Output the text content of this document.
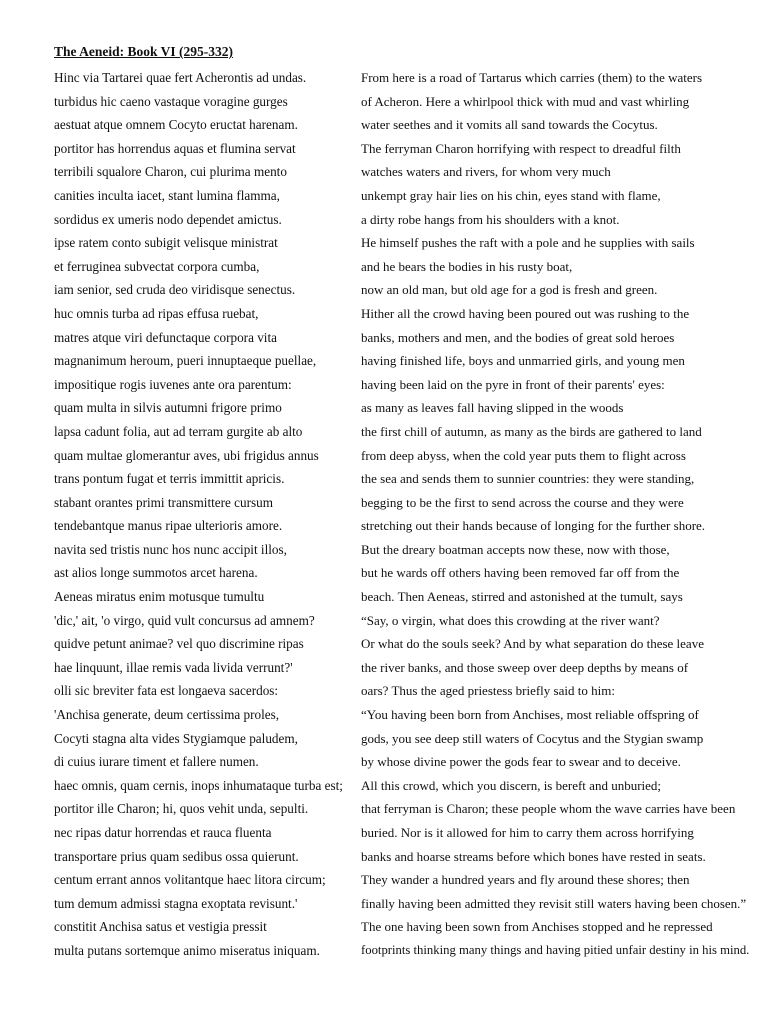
The Aeneid: Book VI (295-332)
Hinc via Tartarei quae fert Acherontis ad undas.
turbidus hic caeno vastaque voragine gurges
aestuat atque omnem Cocyto eructat harenam.
portitor has horrendus aquas et flumina servat
terribili squalore Charon, cui plurima mento
canities inculta iacet, stant lumina flamma,
sordidus ex umeris nodo dependet amictus.
ipse ratem conto subigit velisque ministrat
et ferruginea subvectat corpora cumba,
iam senior, sed cruda deo viridisque senectus.
huc omnis turba ad ripas effusa ruebat,
matres atque viri defunctaque corpora vita
magnanimum heroum, pueri innuptaeque puellae,
impositique rogis iuvenes ante ora parentum:
quam multa in silvis autumni frigore primo
lapsa cadunt folia, aut ad terram gurgite ab alto
quam multae glomerantur aves, ubi frigidus annus
trans pontum fugat et terris immittit apricis.
stabant orantes primi transmittere cursum
tendebantque manus ripae ulterioris amore.
navita sed tristis nunc hos nunc accipit illos,
ast alios longe summotos arcet harena.
Aeneas miratus enim motusque tumultu
'dic,' ait, 'o virgo, quid vult concursus ad amnem?
quidve petunt animae? vel quo discrimine ripas
hae linquunt, illae remis vada livida verrunt?'
olli sic breviter fata est longaeva sacerdos:
'Anchisa generate, deum certissima proles,
Cocyti stagna alta vides Stygiamque paludem,
di cuius iurare timent et fallere numen.
haec omnis, quam cernis, inops inhumataque turba est;
portitor ille Charon; hi, quos vehit unda, sepulti.
nec ripas datur horrendas et rauca fluenta
transportare prius quam sedibus ossa quierunt.
centum errant annos volitantque haec litora circum;
tum demum admissi stagna exoptata revisunt.'
constitit Anchisa satus et vestigia pressit
multa putans sortemque animo miseratus iniquam.
From here is a road of Tartarus which carries (them) to the waters
of Acheron. Here a whirlpool thick with mud and vast whirling
water seethes and it vomits all sand towards the Cocytus.
The ferryman Charon horrifying with respect to dreadful filth
watches waters and rivers, for whom very much
unkempt gray hair lies on his chin, eyes stand with flame,
a dirty robe hangs from his shoulders with a knot.
He himself pushes the raft with a pole and he supplies with sails
and he bears the bodies in his rusty boat,
now an old man, but old age for a god is fresh and green.
Hither all the crowd having been poured out was rushing to the
banks, mothers and men, and the bodies of great sold heroes
having finished life, boys and unmarried girls, and young men
having been laid on the pyre in front of their parents' eyes:
as many as leaves fall having slipped in the woods
the first chill of autumn, as many as the birds are gathered to land
from deep abyss, when the cold year puts them to flight across
the sea and sends them to sunnier countries: they were standing,
begging to be the first to send across the course and they were
stretching out their hands because of longing for the further shore.
But the dreary boatman accepts now these, now with those,
but he wards off others having been removed far off from the
beach. Then Aeneas, stirred and astonished at the tumult, says
“Say, o virgin, what does this crowding at the river want?
Or what do the souls seek? And by what separation do these leave
the river banks, and those sweep over deep depths by means of
oars? Thus the aged priestess briefly said to him:
“You having been born from Anchises, most reliable offspring of
gods, you see deep still waters of Cocytus and the Stygian swamp
by whose divine power the gods fear to swear and to deceive.
All this crowd, which you discern, is bereft and unburied;
that ferryman is Charon; these people whom the wave carries have been
buried. Nor is it allowed for him to carry them across horrifying
banks and hoarse streams before which bones have rested in seats.
They wander a hundred years and fly around these shores; then
finally having been admitted they revisit still waters having been chosen.”
The one having been sown from Anchises stopped and he repressed
footprints thinking many things and having pitied unfair destiny in his mind.
